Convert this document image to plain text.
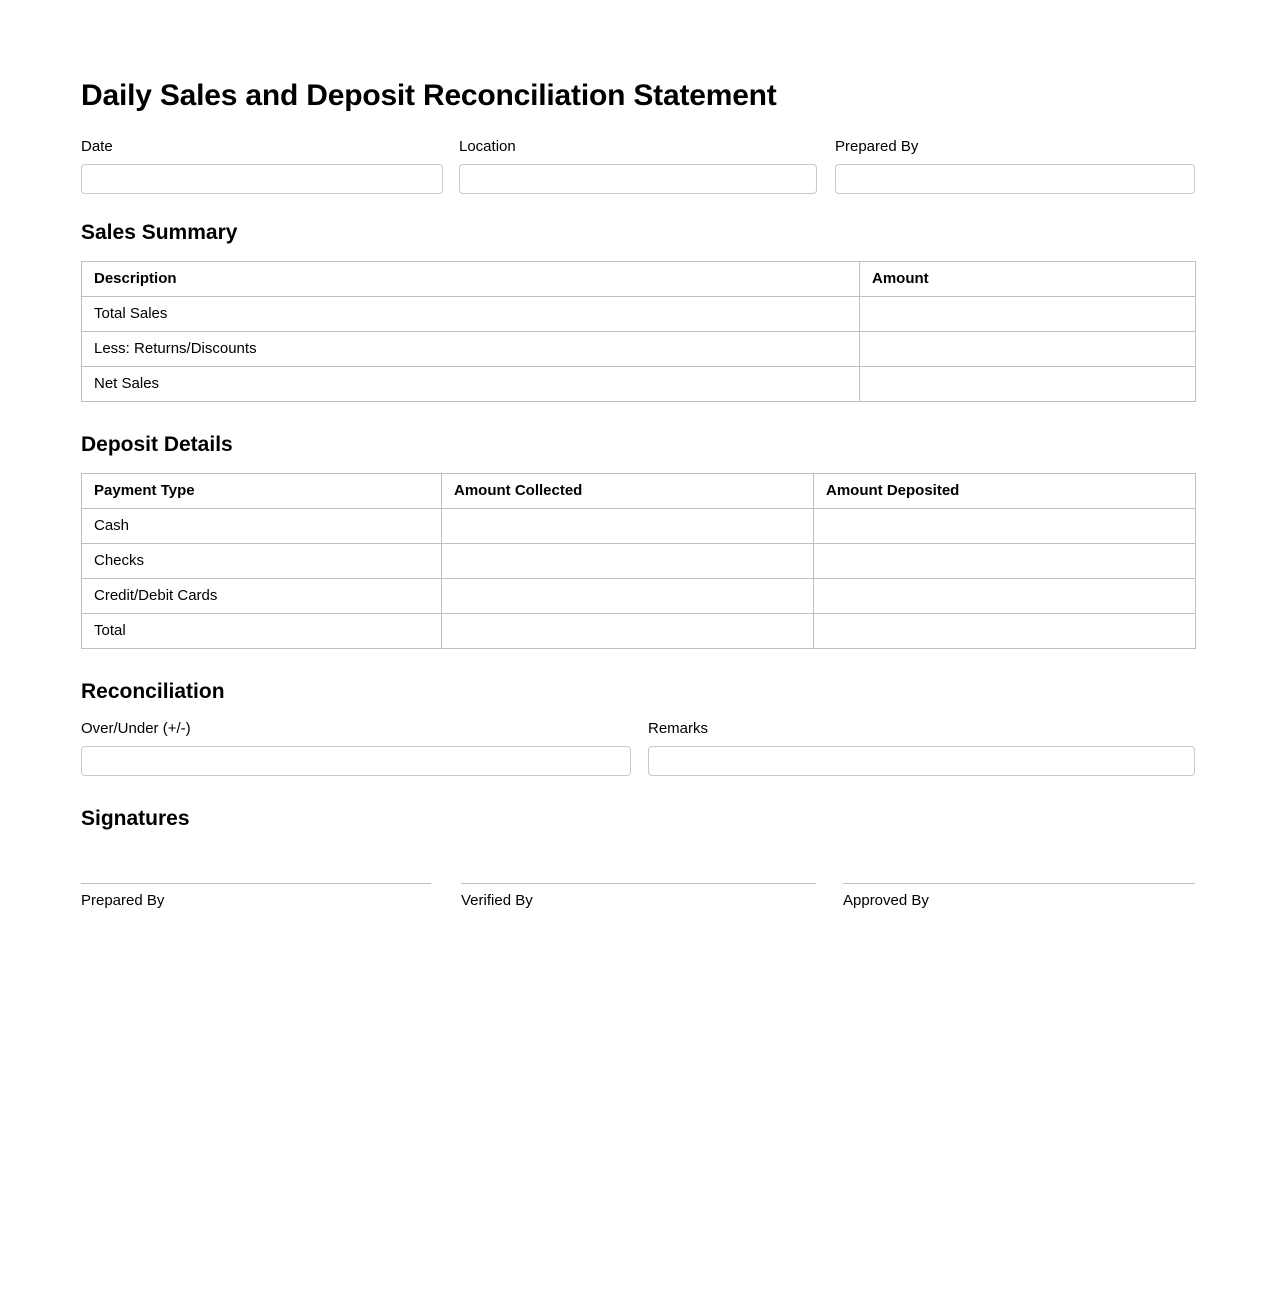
Daily Sales and Deposit Reconciliation Statement
Date	Location	Prepared By
Sales Summary
Description	Amount
Total Sales	
Less: Returns/Discounts	
Net Sales	
Deposit Details
Payment Type	Amount Collected	Amount Deposited
Cash		
Checks		
Credit/Debit Cards		
Total		
Reconciliation
Over/Under (+/-)	Remarks
Signatures
Prepared By	Verified By	Approved By
